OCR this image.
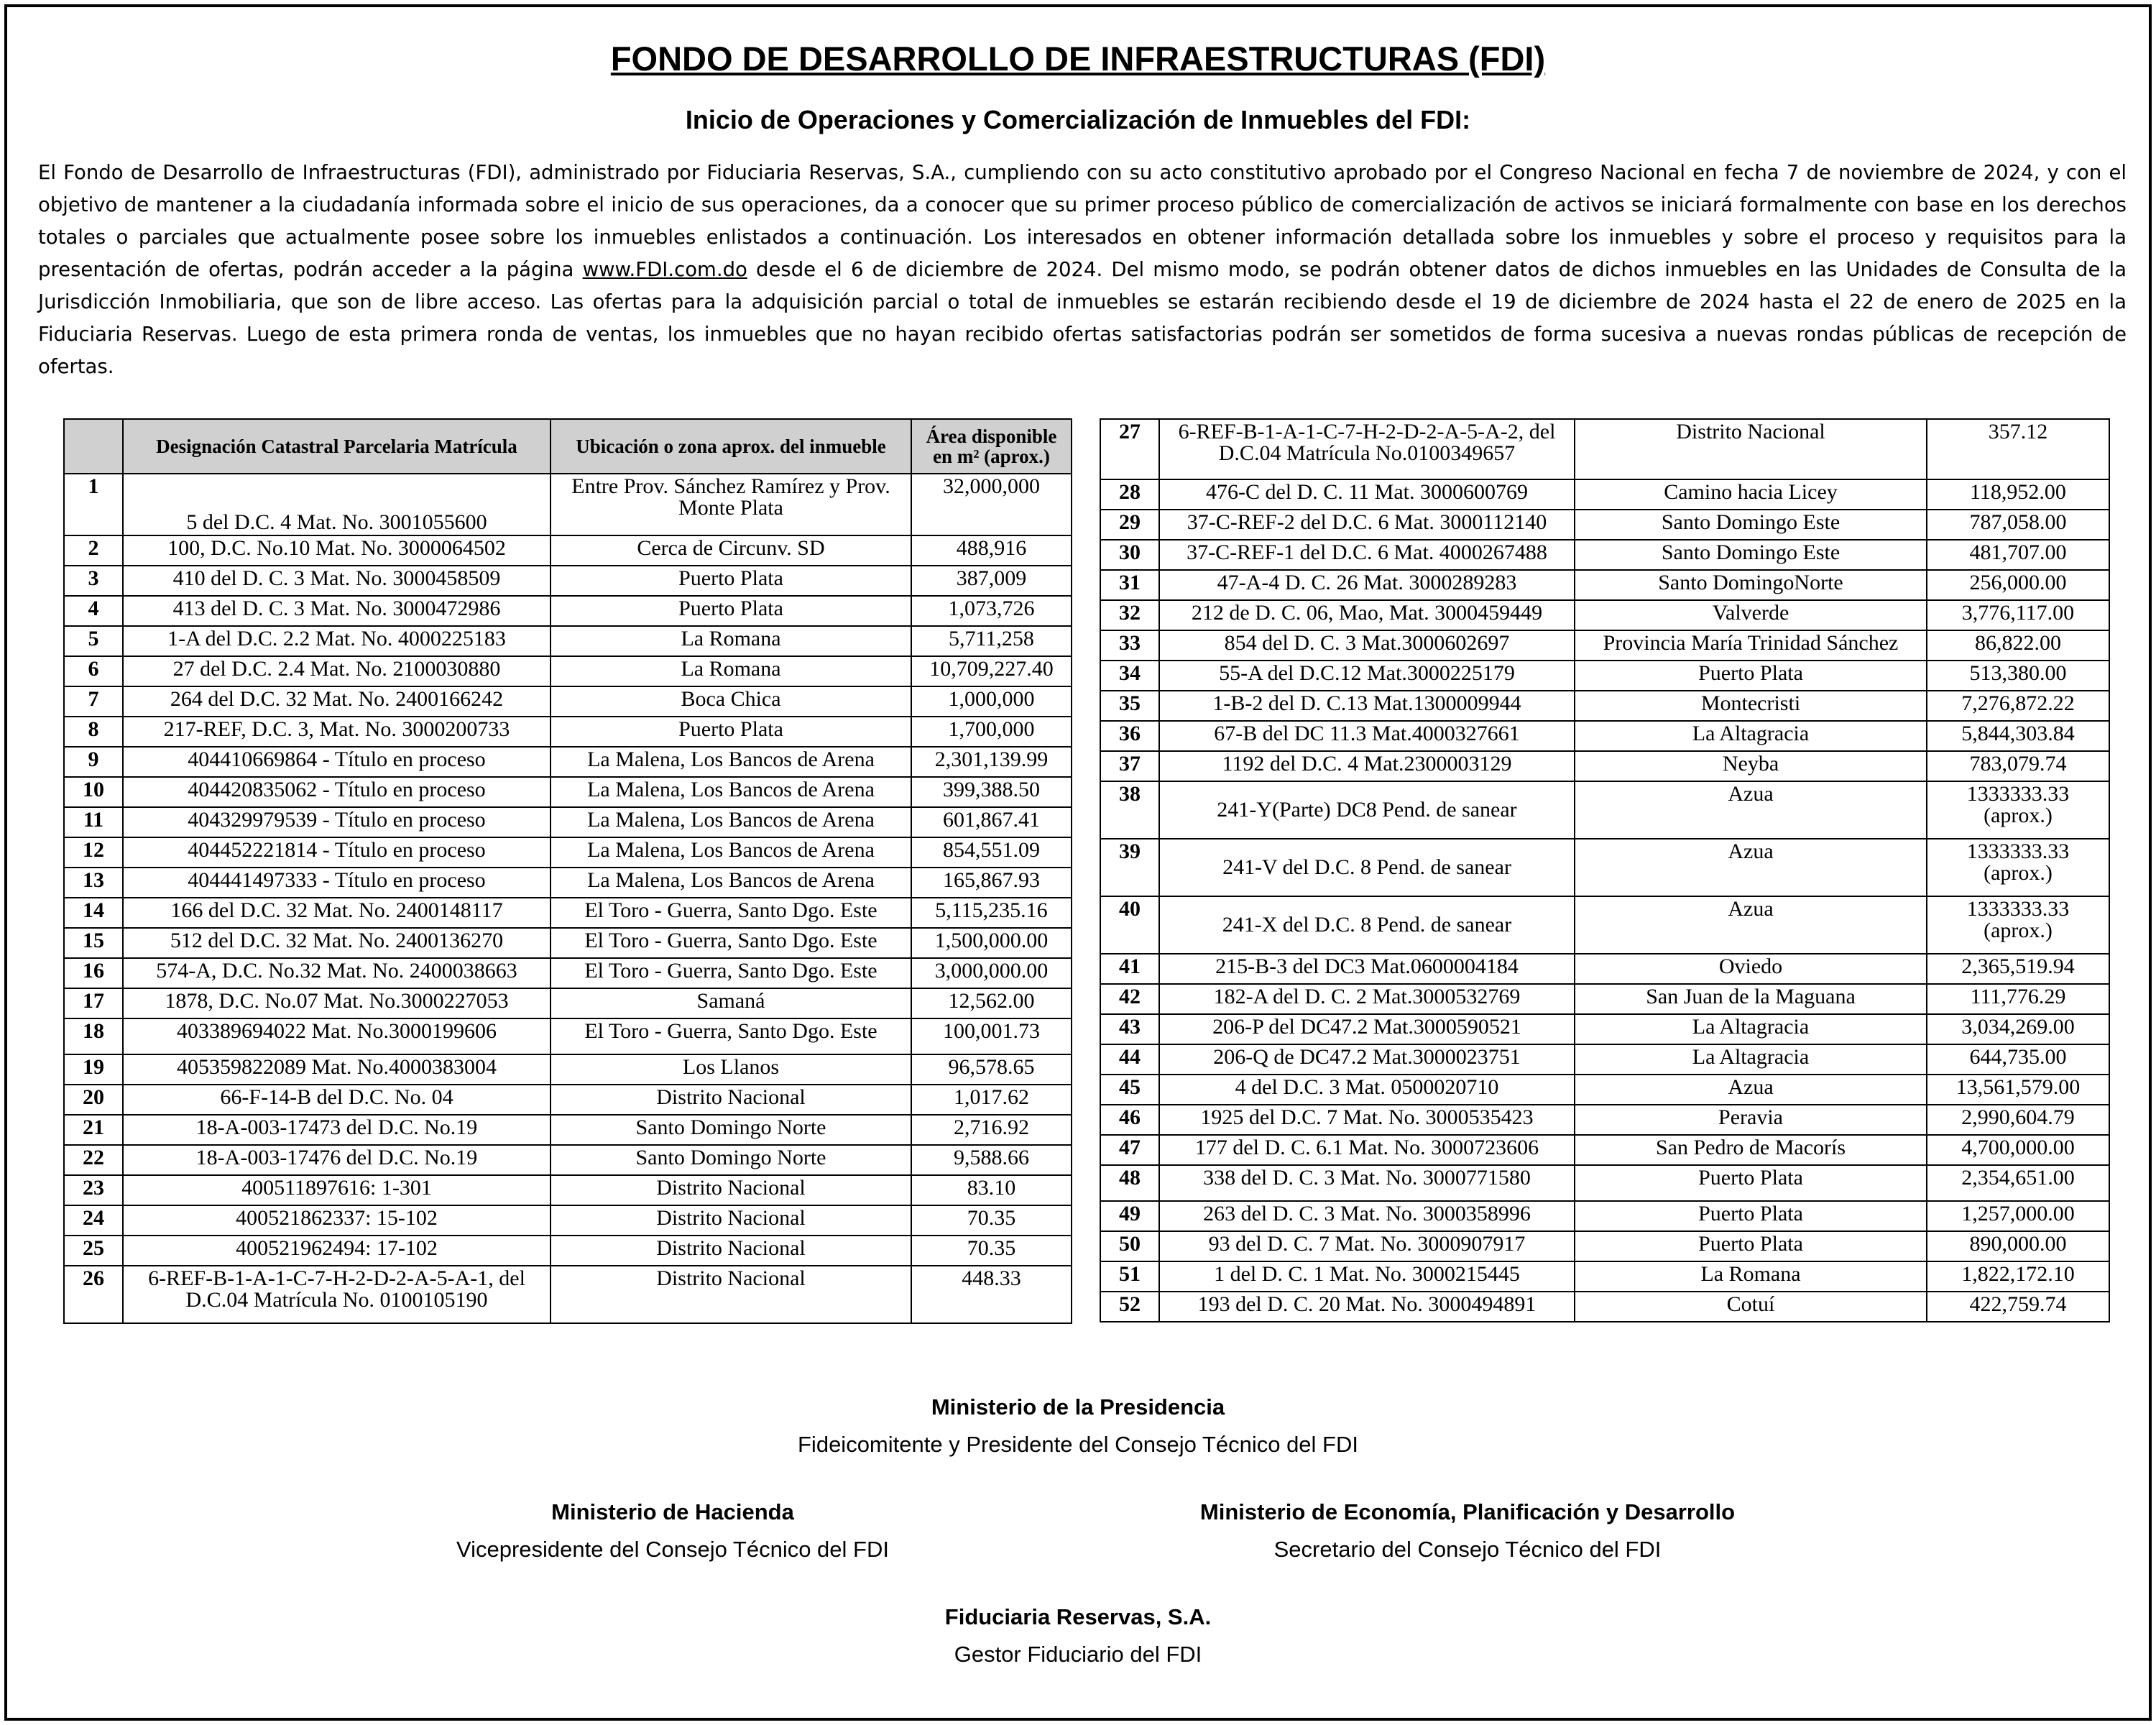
FONDO DE DESARROLLO DE INFRAESTRUCTURAS (FDI)
Inicio de Operaciones y Comercialización de Inmuebles del FDI:

El Fondo de Desarrollo de Infraestructuras (FDI), administrado por Fiduciaria Reservas, S.A., cumpliendo con su acto constitutivo aprobado por el Congreso Nacional en fecha 7 de noviembre de 2024, y con el objetivo de mantener a la ciudadanía informada sobre el inicio de sus operaciones, da a conocer que su primer proceso público de comercialización de activos se iniciará formalmente con base en los derechos totales o parciales que actualmente posee sobre los inmuebles enlistados a continuación. Los interesados en obtener información detallada sobre los inmuebles y sobre el proceso y requisitos para la presentación de ofertas, podrán acceder a la página www.FDI.com.do desde el 6 de diciembre de 2024. Del mismo modo, se podrán obtener datos de dichos inmuebles en las Unidades de Consulta de la Jurisdicción Inmobiliaria, que son de libre acceso. Las ofertas para la adquisición parcial o total de inmuebles se estarán recibiendo desde el 19 de diciembre de 2024 hasta el 22 de enero de 2025 en la Fiduciaria Reservas. Luego de esta primera ronda de ventas, los inmuebles que no hayan recibido ofertas satisfactorias podrán ser sometidos de forma sucesiva a nuevas rondas públicas de recepción de ofertas.

	Designación Catastral Parcelaria Matrícula	Ubicación o zona aprox. del inmueble	Área disponible en m² (aprox.)
1	5 del D.C. 4 Mat. No. 3001055600	Entre Prov. Sánchez Ramírez y Prov. Monte Plata	32,000,000
2	100, D.C. No.10 Mat. No. 3000064502	Cerca de Circunv. SD	488,916
3	410 del D. C. 3 Mat. No. 3000458509	Puerto Plata	387,009
4	413 del D. C. 3 Mat. No. 3000472986	Puerto Plata	1,073,726
5	1-A del D.C. 2.2 Mat. No. 4000225183	La Romana	5,711,258
6	27 del D.C. 2.4 Mat. No. 2100030880	La Romana	10,709,227.40
7	264 del D.C. 32 Mat. No. 2400166242	Boca Chica	1,000,000
8	217-REF, D.C. 3, Mat. No. 3000200733	Puerto Plata	1,700,000
9	404410669864 - Título en proceso	La Malena, Los Bancos de Arena	2,301,139.99
10	404420835062 - Título en proceso	La Malena, Los Bancos de Arena	399,388.50
11	404329979539 - Título en proceso	La Malena, Los Bancos de Arena	601,867.41
12	404452221814 - Título en proceso	La Malena, Los Bancos de Arena	854,551.09
13	404441497333 - Título en proceso	La Malena, Los Bancos de Arena	165,867.93
14	166 del D.C. 32 Mat. No. 2400148117	El Toro - Guerra, Santo Dgo. Este	5,115,235.16
15	512 del D.C. 32 Mat. No. 2400136270	El Toro - Guerra, Santo Dgo. Este	1,500,000.00
16	574-A, D.C. No.32 Mat. No. 2400038663	El Toro - Guerra, Santo Dgo. Este	3,000,000.00
17	1878, D.C. No.07 Mat. No.3000227053	Samaná	12,562.00
18	403389694022 Mat. No.3000199606	El Toro - Guerra, Santo Dgo. Este	100,001.73
19	405359822089 Mat. No.4000383004	Los Llanos	96,578.65
20	66-F-14-B del D.C. No. 04	Distrito Nacional	1,017.62
21	18-A-003-17473 del D.C. No.19	Santo Domingo Norte	2,716.92
22	18-A-003-17476 del D.C. No.19	Santo Domingo Norte	9,588.66
23	400511897616: 1-301	Distrito Nacional	83.10
24	400521862337: 15-102	Distrito Nacional	70.35
25	400521962494: 17-102	Distrito Nacional	70.35
26	6-REF-B-1-A-1-C-7-H-2-D-2-A-5-A-1, del D.C.04 Matrícula No. 0100105190	Distrito Nacional	448.33
27	6-REF-B-1-A-1-C-7-H-2-D-2-A-5-A-2, del D.C.04 Matrícula No.0100349657	Distrito Nacional	357.12
28	476-C del D. C. 11 Mat. 3000600769	Camino hacia Licey	118,952.00
29	37-C-REF-2 del D.C. 6 Mat. 3000112140	Santo Domingo Este	787,058.00
30	37-C-REF-1 del D.C. 6 Mat. 4000267488	Santo Domingo Este	481,707.00
31	47-A-4 D. C. 26 Mat. 3000289283	Santo DomingoNorte	256,000.00
32	212 de D. C. 06, Mao, Mat. 3000459449	Valverde	3,776,117.00
33	854 del D. C. 3 Mat.3000602697	Provincia María Trinidad Sánchez	86,822.00
34	55-A del D.C.12 Mat.3000225179	Puerto Plata	513,380.00
35	1-B-2 del D. C.13 Mat.1300009944	Montecristi	7,276,872.22
36	67-B del DC 11.3 Mat.4000327661	La Altagracia	5,844,303.84
37	1192 del D.C. 4 Mat.2300003129	Neyba	783,079.74
38	241-Y(Parte) DC8 Pend. de sanear	Azua	1333333.33 (aprox.)
39	241-V del D.C. 8 Pend. de sanear	Azua	1333333.33 (aprox.)
40	241-X del D.C. 8 Pend. de sanear	Azua	1333333.33 (aprox.)
41	215-B-3 del DC3 Mat.0600004184	Oviedo	2,365,519.94
42	182-A del D. C. 2 Mat.3000532769	San Juan de la Maguana	111,776.29
43	206-P del DC47.2 Mat.3000590521	La Altagracia	3,034,269.00
44	206-Q de DC47.2 Mat.3000023751	La Altagracia	644,735.00
45	4 del D.C. 3 Mat. 0500020710	Azua	13,561,579.00
46	1925 del D.C. 7 Mat. No. 3000535423	Peravia	2,990,604.79
47	177 del D. C. 6.1 Mat. No. 3000723606	San Pedro de Macorís	4,700,000.00
48	338 del D. C. 3 Mat. No. 3000771580	Puerto Plata	2,354,651.00
49	263 del D. C. 3 Mat. No. 3000358996	Puerto Plata	1,257,000.00
50	93 del D. C. 7 Mat. No. 3000907917	Puerto Plata	890,000.00
51	1 del D. C. 1 Mat. No. 3000215445	La Romana	1,822,172.10
52	193 del D. C. 20 Mat. No. 3000494891	Cotuí	422,759.74
Ministerio de la Presidencia
Fideicomitente y Presidente del Consejo Técnico del FDI
Ministerio de Hacienda
Vicepresidente del Consejo Técnico del FDI
Ministerio de Economía, Planificación y Desarrollo
Secretario del Consejo Técnico del FDI
Fiduciaria Reservas, S.A.
Gestor Fiduciario del FDI
